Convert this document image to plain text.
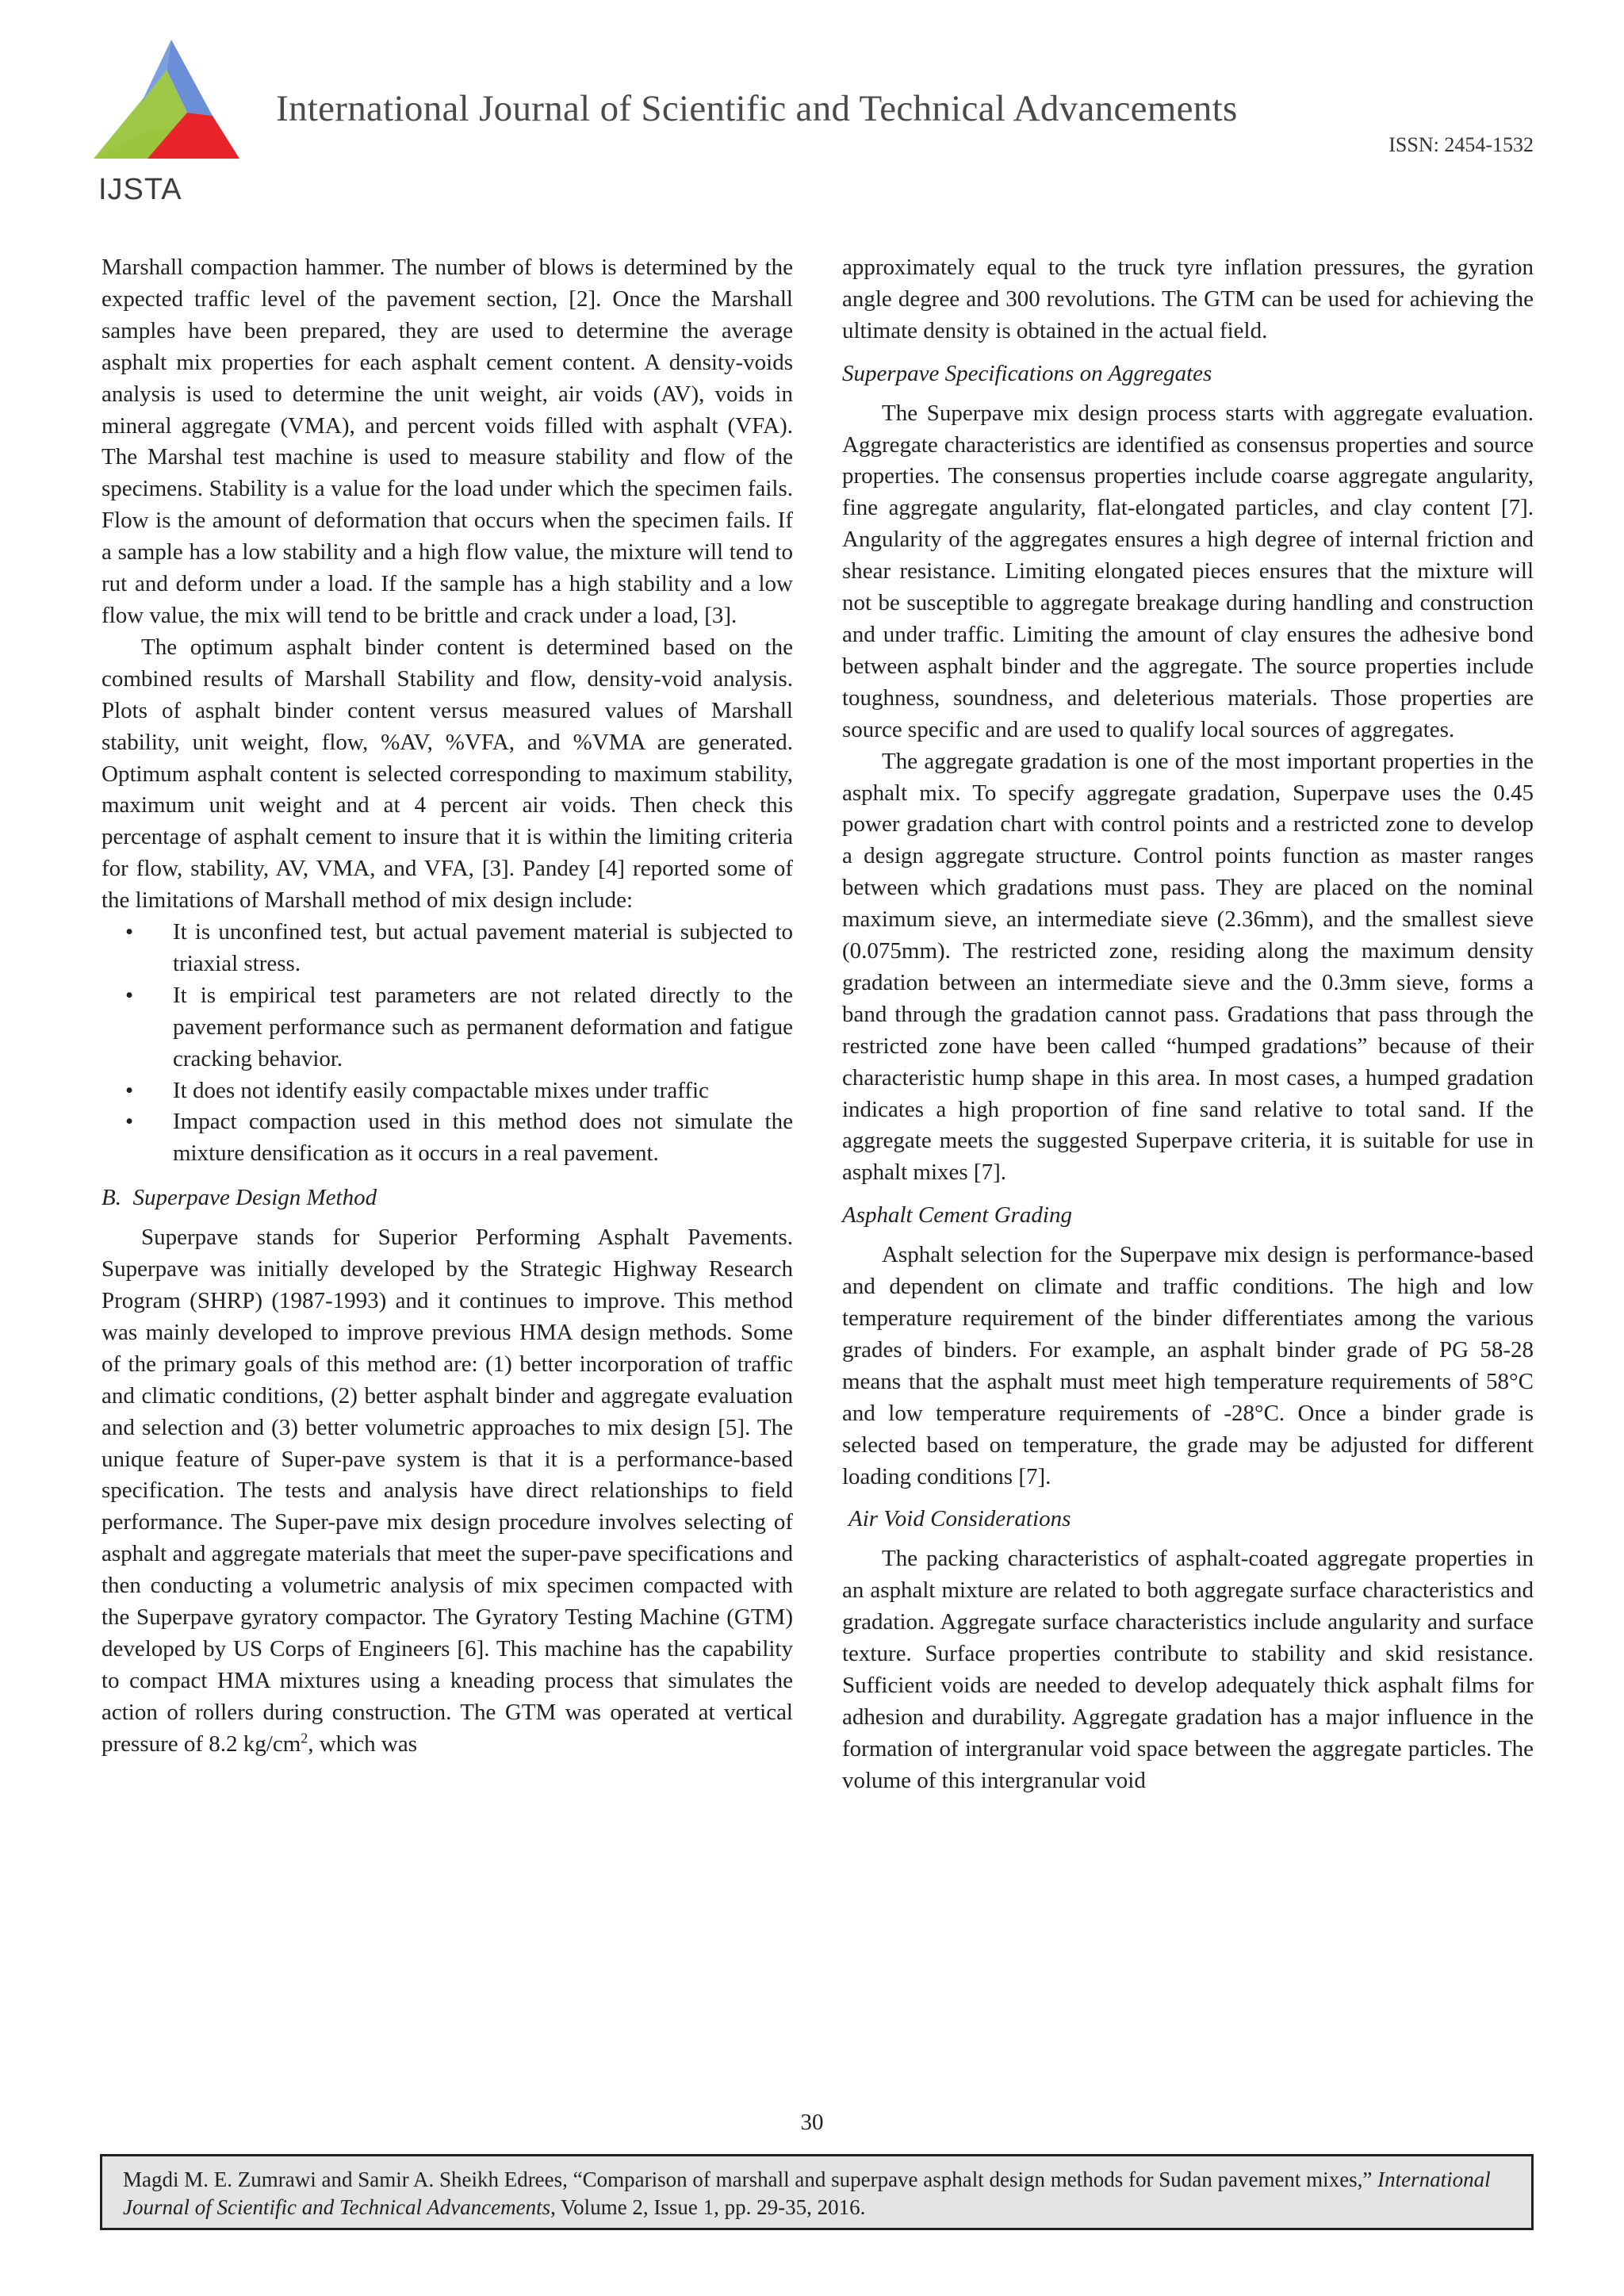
IJSTA
International Journal of Scientific and Technical Advancements
ISSN: 2454-1532

Marshall compaction hammer. The number of blows is determined by the expected traffic level of the pavement section, [2]. Once the Marshall samples have been prepared, they are used to determine the average asphalt mix properties for each asphalt cement content. A density-voids analysis is used to determine the unit weight, air voids (AV), voids in mineral aggregate (VMA), and percent voids filled with asphalt (VFA). The Marshal test machine is used to measure stability and flow of the specimens. Stability is a value for the load under which the specimen fails. Flow is the amount of deformation that occurs when the specimen fails. If a sample has a low stability and a high flow value, the mixture will tend to rut and deform under a load. If the sample has a high stability and a low flow value, the mix will tend to be brittle and crack under a load, [3].

The optimum asphalt binder content is determined based on the combined results of Marshall Stability and flow, density-void analysis. Plots of asphalt binder content versus measured values of Marshall stability, unit weight, flow, %AV, %VFA, and %VMA are generated. Optimum asphalt content is selected corresponding to maximum stability, maximum unit weight and at 4 percent air voids. Then check this percentage of asphalt cement to insure that it is within the limiting criteria for flow, stability, AV, VMA, and VFA, [3]. Pandey [4] reported some of the limitations of Marshall method of mix design include:

• It is unconfined test, but actual pavement material is subjected to triaxial stress.
• It is empirical test parameters are not related directly to the pavement performance such as permanent deformation and fatigue cracking behavior.
• It does not identify easily compactable mixes under traffic
• Impact compaction used in this method does not simulate the mixture densification as it occurs in a real pavement.

B.  Superpave Design Method

Superpave stands for Superior Performing Asphalt Pavements. Superpave was initially developed by the Strategic Highway Research Program (SHRP) (1987-1993) and it continues to improve. This method was mainly developed to improve previous HMA design methods. Some of the primary goals of this method are: (1) better incorporation of traffic and climatic conditions, (2) better asphalt binder and aggregate evaluation and selection and (3) better volumetric approaches to mix design [5]. The unique feature of Super-pave system is that it is a performance-based specification. The tests and analysis have direct relationships to field performance. The Super-pave mix design procedure involves selecting of asphalt and aggregate materials that meet the super-pave specifications and then conducting a volumetric analysis of mix specimen compacted with the Superpave gyratory compactor. The Gyratory Testing Machine (GTM) developed by US Corps of Engineers [6]. This machine has the capability to compact HMA mixtures using a kneading process that simulates the action of rollers during construction. The GTM was operated at vertical pressure of 8.2 $kg/cm^2$, which was

approximately equal to the truck tyre inflation pressures, the gyration angle degree and 300 revolutions. The GTM can be used for achieving the ultimate density is obtained in the actual field.

Superpave Specifications on Aggregates

The Superpave mix design process starts with aggregate evaluation. Aggregate characteristics are identified as consensus properties and source properties. The consensus properties include coarse aggregate angularity, fine aggregate angularity, flat-elongated particles, and clay content [7]. Angularity of the aggregates ensures a high degree of internal friction and shear resistance. Limiting elongated pieces ensures that the mixture will not be susceptible to aggregate breakage during handling and construction and under traffic. Limiting the amount of clay ensures the adhesive bond between asphalt binder and the aggregate. The source properties include toughness, soundness, and deleterious materials. Those properties are source specific and are used to qualify local sources of aggregates.

The aggregate gradation is one of the most important properties in the asphalt mix. To specify aggregate gradation, Superpave uses the 0.45 power gradation chart with control points and a restricted zone to develop a design aggregate structure. Control points function as master ranges between which gradations must pass. They are placed on the nominal maximum sieve, an intermediate sieve (2.36mm), and the smallest sieve (0.075mm). The restricted zone, residing along the maximum density gradation between an intermediate sieve and the 0.3mm sieve, forms a band through the gradation cannot pass. Gradations that pass through the restricted zone have been called “humped gradations” because of their characteristic hump shape in this area. In most cases, a humped gradation indicates a high proportion of fine sand relative to total sand. If the aggregate meets the suggested Superpave criteria, it is suitable for use in asphalt mixes [7].

Asphalt Cement Grading

Asphalt selection for the Superpave mix design is performance-based and dependent on climate and traffic conditions. The high and low temperature requirement of the binder differentiates among the various grades of binders. For example, an asphalt binder grade of PG 58-28 means that the asphalt must meet high temperature requirements of 58°C and low temperature requirements of -28°C. Once a binder grade is selected based on temperature, the grade may be adjusted for different loading conditions [7].

Air Void Considerations

The packing characteristics of asphalt-coated aggregate properties in an asphalt mixture are related to both aggregate surface characteristics and gradation. Aggregate surface characteristics include angularity and surface texture. Surface properties contribute to stability and skid resistance. Sufficient voids are needed to develop adequately thick asphalt films for adhesion and durability. Aggregate gradation has a major influence in the formation of intergranular void space between the aggregate particles. The volume of this intergranular void

30
Magdi M. E. Zumrawi and Samir A. Sheikh Edrees, “Comparison of marshall and superpave asphalt design methods for Sudan pavement mixes,” International Journal of Scientific and Technical Advancements, Volume 2, Issue 1, pp. 29-35, 2016.
